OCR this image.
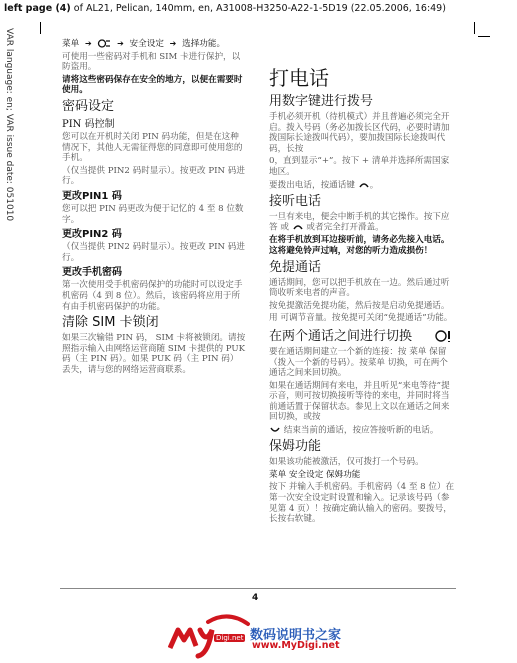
left page (4) of AL21, Pelican, 140mm, en, A31008-H3250-A22-1-5D19 (22.05.2006, 16:49)
VAR language: en; VAR issue date: 051010	菜单 ➔	➔ 安全设定 ➔ 选择功能。

可使用一些密码对手机和 SIM 卡进行保护，以防盗用。

请将这些密码保存在安全的地方，以便在需要时使用。

密码设定
PIN 码控制

您可以在开机时关闭 PIN 码功能，但是在这种情况下，其他人无需征得您的同意即可使用您的手机。

（仅当提供 PIN2 码时显示）。按更改 PIN 码进行。

更改PIN1 码

您可以把 PIN 码更改为便于记忆的 4 至 8 位数字。

更改PIN2 码

（仅当提供 PIN2 码时显示）。按更改 PIN 码进行。

更改手机密码

第一次使用受手机密码保护的功能时可以设定手机密码（4 到 8 位）。然后，该密码将应用于所有由手机密码保护的功能。

清除 SIM 卡锁闭

如果三次输错 PIN 码， SIM 卡将被锁闭。请按照指示输入由网络运营商随 SIM 卡提供的 PUK 码（主 PIN 码）。如果 PUK 码（主 PIN 码）丢失，请与您的网络运营商联系。

打电话
用数字键进行拨号

手机必须开机（待机模式）并且普遍必须完全开启。拨入号码（务必加拨长区代码，必要时请加拨国际长途拨叫代码），要加拨国际长途拨叫代码，长按

0，直到显示“+”。按下 + 清单并选择所需国家地区。

要拨出电话，按通话键 。

接听电话

一旦有来电，便会中断手机的其它操作。按下应答 或 或者完全打开滑盖。

在将手机放到耳边接听前，请务必先接入电话。这将避免铃声过响，对您的听力造成损伤！

免提通话

通话期间，您可以把手机放在一边。然后通过听筒收听来电者的声音。

按免提激活免提功能，然后按是启动免提通话。

用 可调节音量。按免提可关闭“免提通话”功能。

在两个通话之间进行切换

要在通话期间建立一个新的连接：按 菜单 保留 （拨入一个新的号码）。按菜单 切换，可在两个通话之间来回切换。

如果在通话期间有来电，并且听见“来电等待”提示音，则可按切换接听等待的来电，并同时将当前通话置于保留状态。参见上文以在通话之间来回切换，或按

结束当前的通话，按应答接听新的电话。

保姆功能

如果该功能被激活，仅可拨打一个号码。

菜单 安全设定 保姆功能

按下 并输入手机密码。手机密码（4 至 8 位）在第一次安全设定时设置和输入。记录该号码（参见第 4 页）！按确定确认输入的密码。要拨号，长按右软键。

4
Digi.net 数码说明书之家
www.MyDigi.net
